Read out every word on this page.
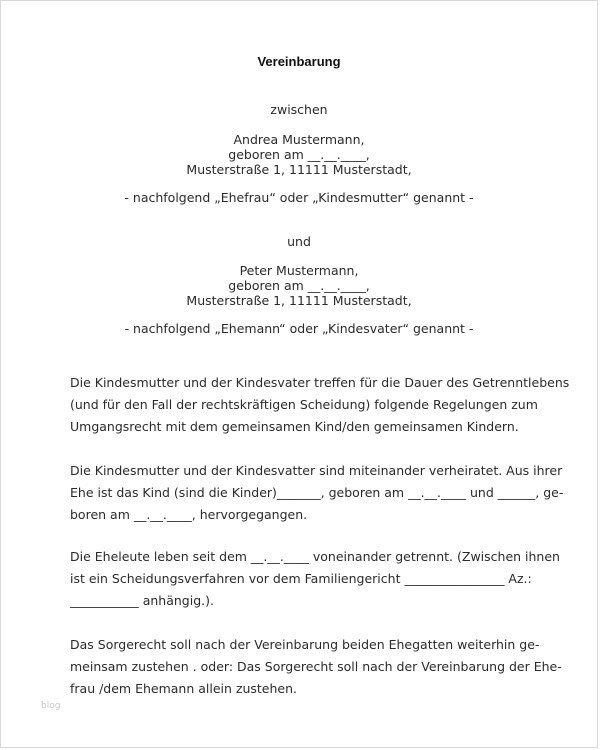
Vereinbarung
zwischen
Andrea Mustermann,
geboren am __.__.____,
Musterstraße 1, 11111 Musterstadt,
- nachfolgend „Ehefrau“ oder „Kindesmutter“ genannt -
und
Peter Mustermann,
geboren am __.__.____,
Musterstraße 1, 11111 Musterstadt,
- nachfolgend „Ehemann“ oder „Kindesvater“ genannt -
Die Kindesmutter und der Kindesvater treffen für die Dauer des Getrenntlebens
(und für den Fall der rechtskräftigen Scheidung) folgende Regelungen zum
Umgangsrecht mit dem gemeinsamen Kind/den gemeinsamen Kindern.
Die Kindesmutter und der Kindesvatter sind miteinander verheiratet. Aus ihrer
Ehe ist das Kind (sind die Kinder)_______, geboren am __.__.____ und ______, ge-
boren am __.__.____, hervorgegangen.
Die Eheleute leben seit dem __.__.____ voneinander getrennt. (Zwischen ihnen
ist ein Scheidungsverfahren vor dem Familiengericht ________________ Az.:
___________ anhängig.).
Das Sorgerecht soll nach der Vereinbarung beiden Ehegatten weiterhin ge-
meinsam zustehen . oder: Das Sorgerecht soll nach der Vereinbarung der Ehe-
frau /dem Ehemann allein zustehen.
blog
